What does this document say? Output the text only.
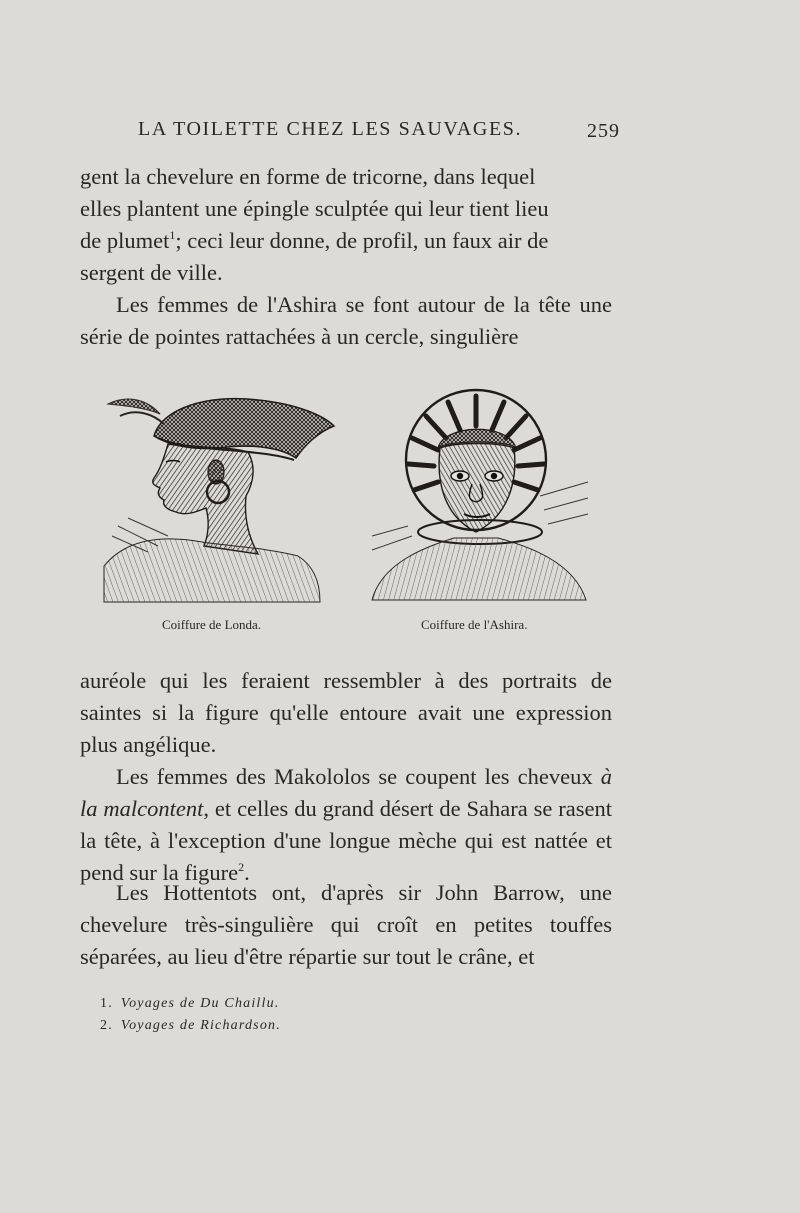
LA TOILETTE CHEZ LES SAUVAGES.	259
gent la chevelure en forme de tricorne, dans lequel
elles plantent une épingle sculptée qui leur tient lieu
de plumet$^1$; ceci leur donne, de profil, un faux air de
sergent de ville.
Les femmes de l'Ashira se font autour de la tête une série de pointes rattachées à un cercle, singulière
Coiffure de Londa.	Coiffure de l'Ashira.
auréole qui les feraient ressembler à des portraits de saintes si la figure qu'elle entoure avait une expression plus angélique.
Les femmes des Makololos se coupent les cheveux à la malcontent, et celles du grand désert de Sahara se rasent la tête, à l'exception d'une longue mèche qui est nattée et pend sur la figure$^2$.
Les Hottentots ont, d'après sir John Barrow, une chevelure très-singulière qui croît en petites touffes séparées, au lieu d'être répartie sur tout le crâne, et
1. Voyages de Du Chaillu.
2. Voyages de Richardson.
